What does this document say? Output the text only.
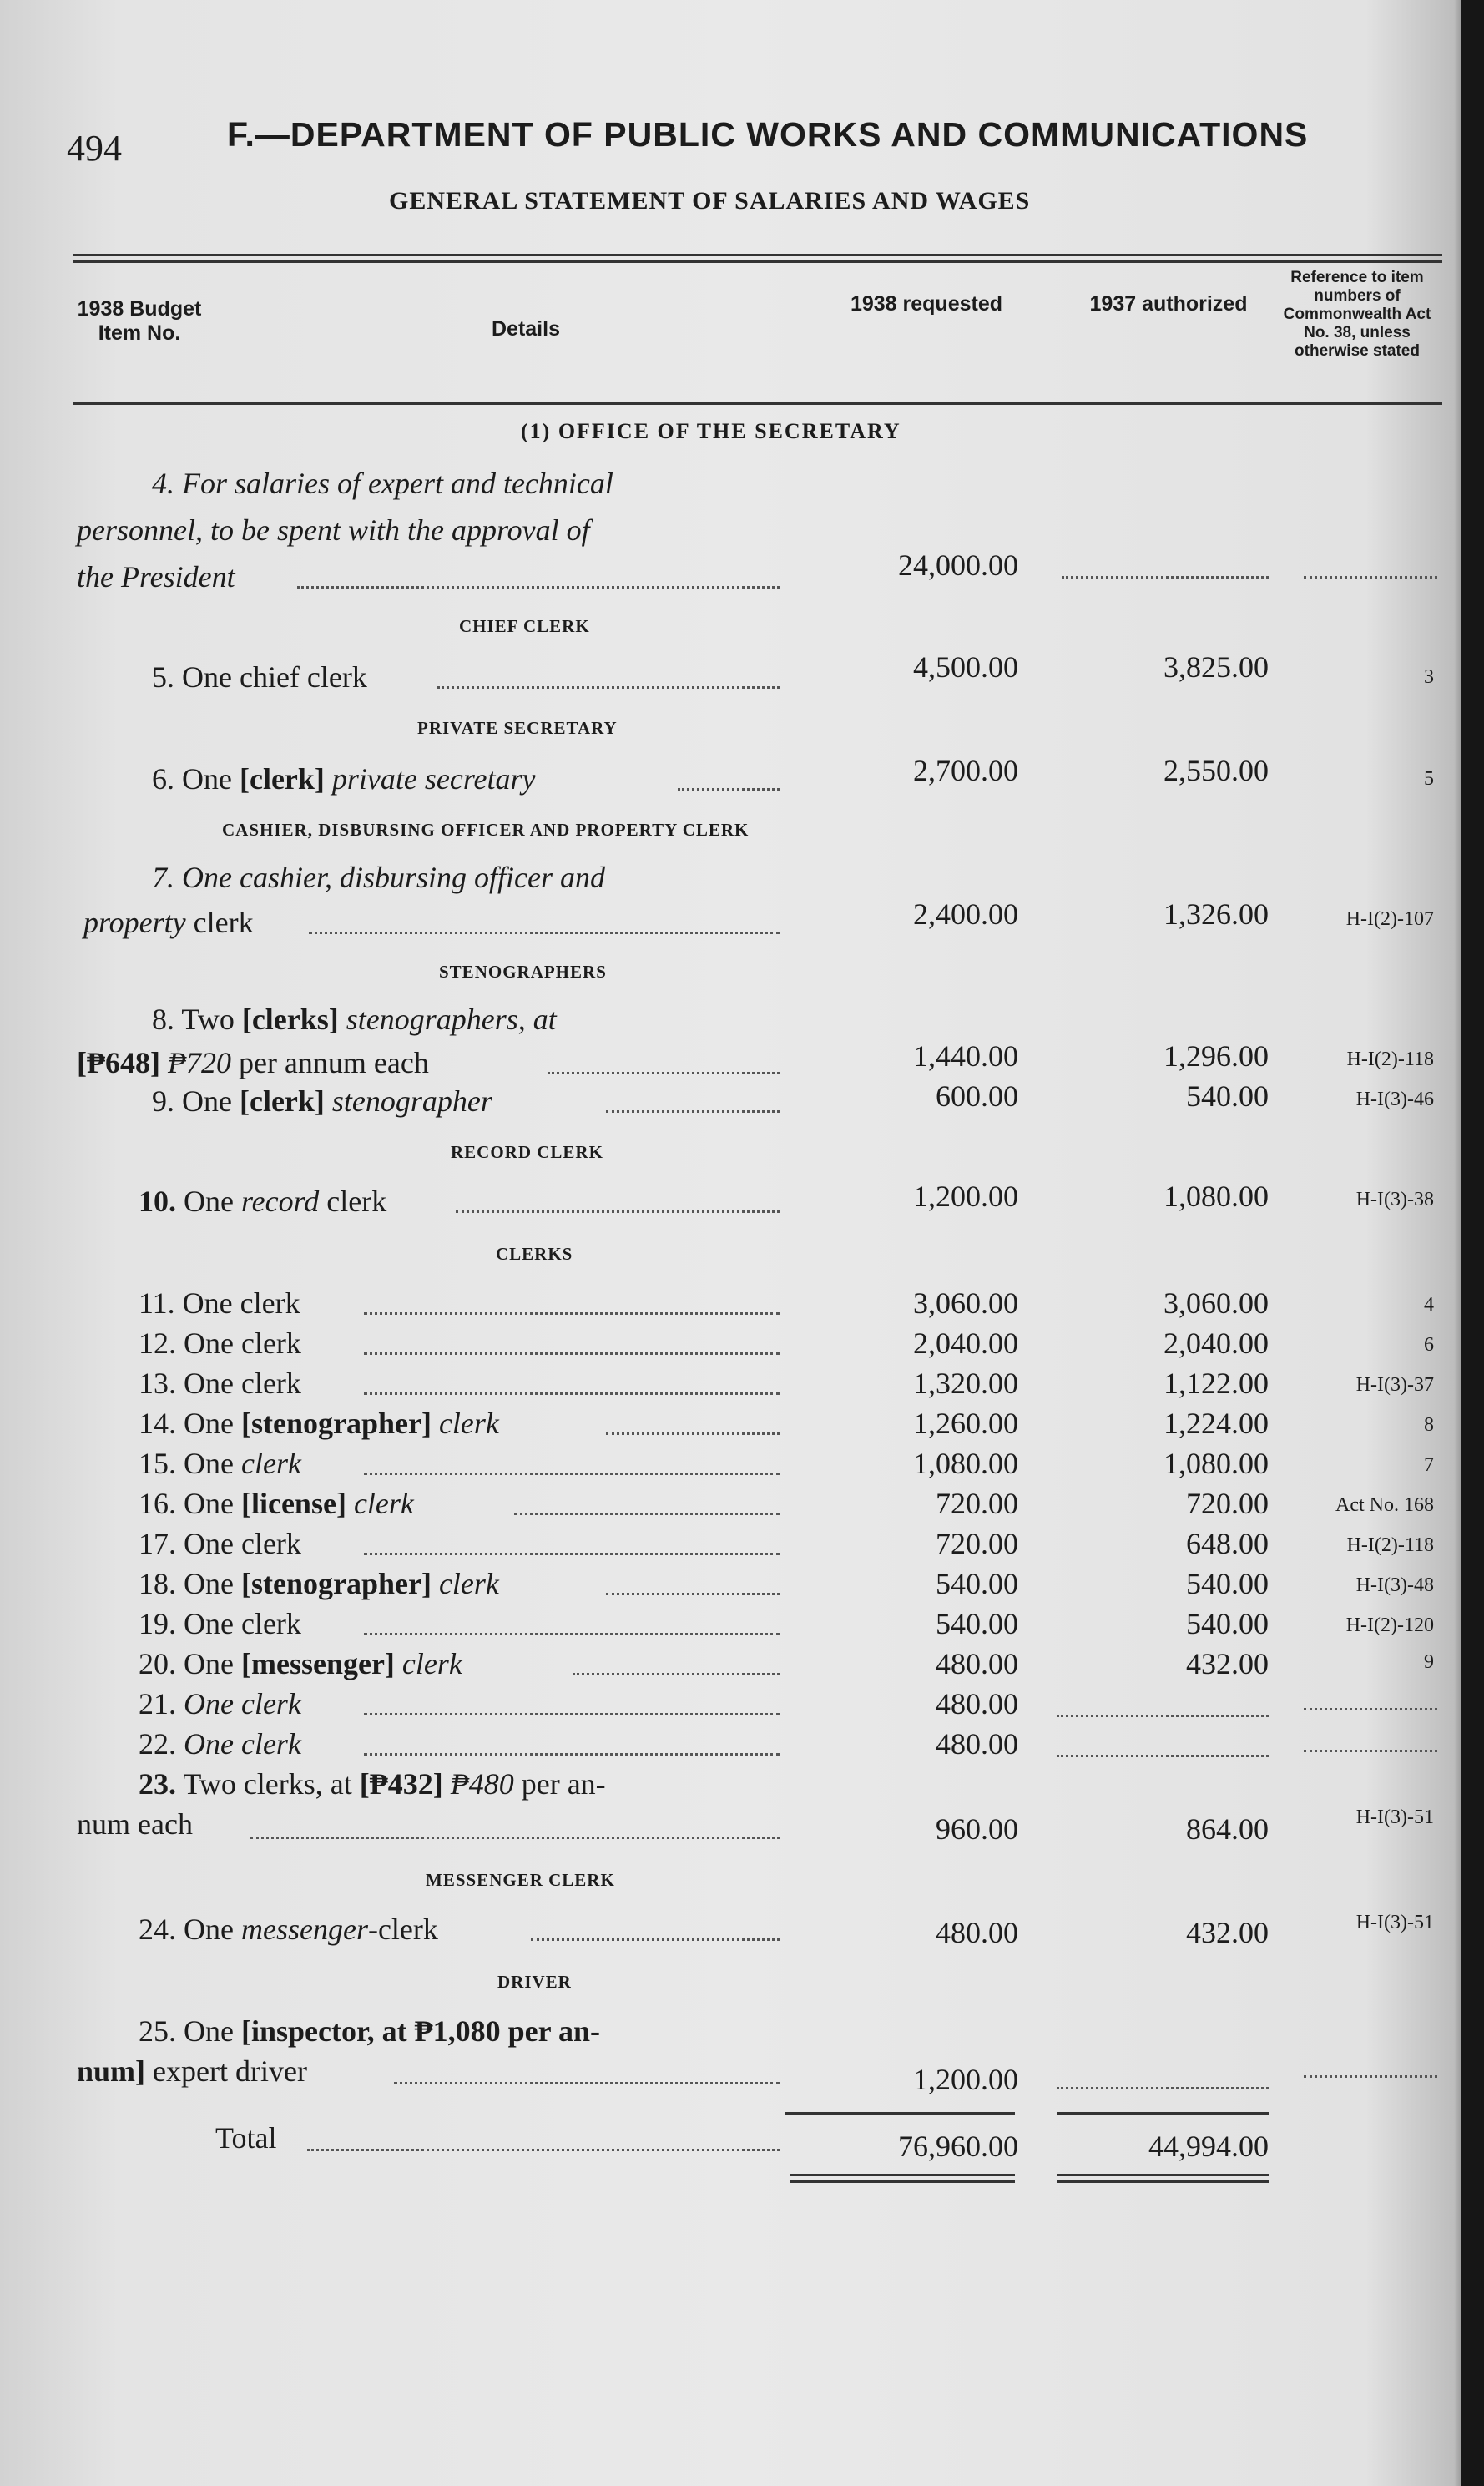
494	F.—DEPARTMENT OF PUBLIC WORKS AND COMMUNICATIONS
GENERAL STATEMENT OF SALARIES AND WAGES
1938 Budget Item No.	Details
1938 requested	1937 authorized
Reference to item numbers of Commonwealth Act No. 38, unless otherwise stated
(1) OFFICE OF THE SECRETARY
4. For salaries of expert and technical
personnel, to be spent with the approval of
the President	24,000.00
CHIEF CLERK
5. One chief clerk	4,500.00	3,825.00	3
PRIVATE SECRETARY
6. One [clerk] private secretary	2,700.00	2,550.00	5
CASHIER, DISBURSING OFFICER AND PROPERTY CLERK
7. One cashier, disbursing officer and
property clerk	2,400.00	1,326.00	H-I(2)-107
STENOGRAPHERS
8. Two [clerks] stenographers, at
[₱648] ₱720 per annum each	1,440.00	1,296.00	H-I(2)-118
9. One [clerk] stenographer	600.00	540.00	H-I(3)-46
RECORD CLERK
10. One record clerk	1,200.00	1,080.00	H-I(3)-38
CLERKS
11. One clerk	3,060.00	3,060.00	4
12. One clerk	2,040.00	2,040.00	6
13. One clerk	1,320.00	1,122.00	H-I(3)-37
14. One [stenographer] clerk	1,260.00	1,224.00	8
15. One clerk	1,080.00	1,080.00	7
16. One [license] clerk	720.00	720.00	Act No. 168
17. One clerk	720.00	648.00	H-I(2)-118
18. One [stenographer] clerk	540.00	540.00	H-I(3)-48
19. One clerk	540.00	540.00	H-I(2)-120
20. One [messenger] clerk	480.00	432.00	9
21. One clerk	480.00
22. One clerk	480.00
23. Two clerks, at [₱432] ₱480 per an-
num each	960.00	864.00	H-I(3)-51
MESSENGER CLERK
24. One messenger-clerk	480.00	432.00	H-I(3)-51
DRIVER
25. One [inspector, at ₱1,080 per an-
num] expert driver	1,200.00
Total	76,960.00	44,994.00
